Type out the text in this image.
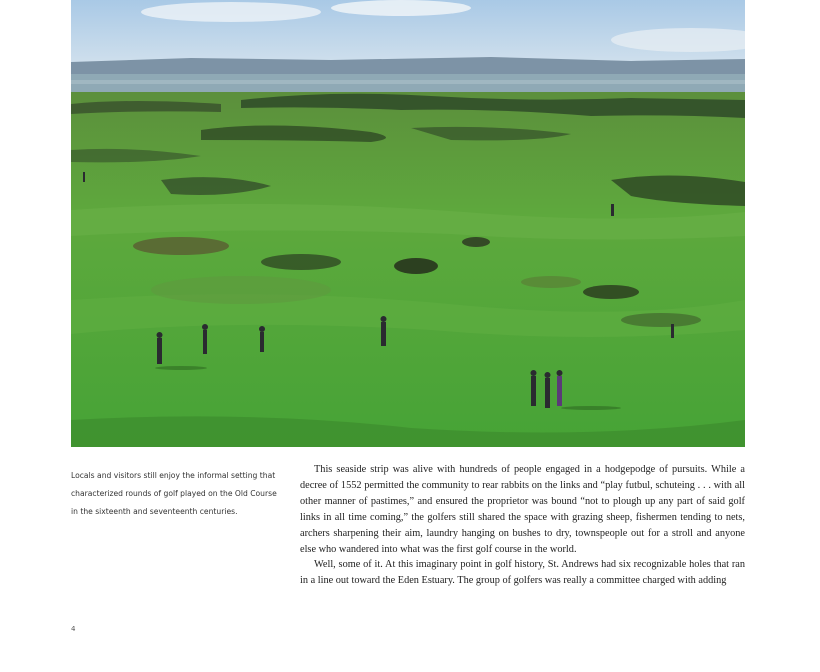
Locals and visitors still enjoy the informal setting that characterized rounds of golf played on the Old Course in the sixteenth and seventeenth centuries.

This seaside strip was alive with hundreds of people engaged in a hodgepodge of pursuits. While a decree of 1552 permitted the community to rear rabbits on the links and “play futbul, schuteing . . . with all other manner of pastimes,” and ensured the proprietor was bound “not to plough up any part of said golf links in all time coming,” the golfers still shared the space with grazing sheep, fishermen tending to nets, archers sharpening their aim, laundry hanging on bushes to dry, townspeople out for a stroll and anyone else who wandered into what was the first golf course in the world.

Well, some of it. At this imaginary point in golf history, St. Andrews had six recognizable holes that ran in a line out toward the Eden Estuary. The group of golfers was really a committee charged with adding

4
